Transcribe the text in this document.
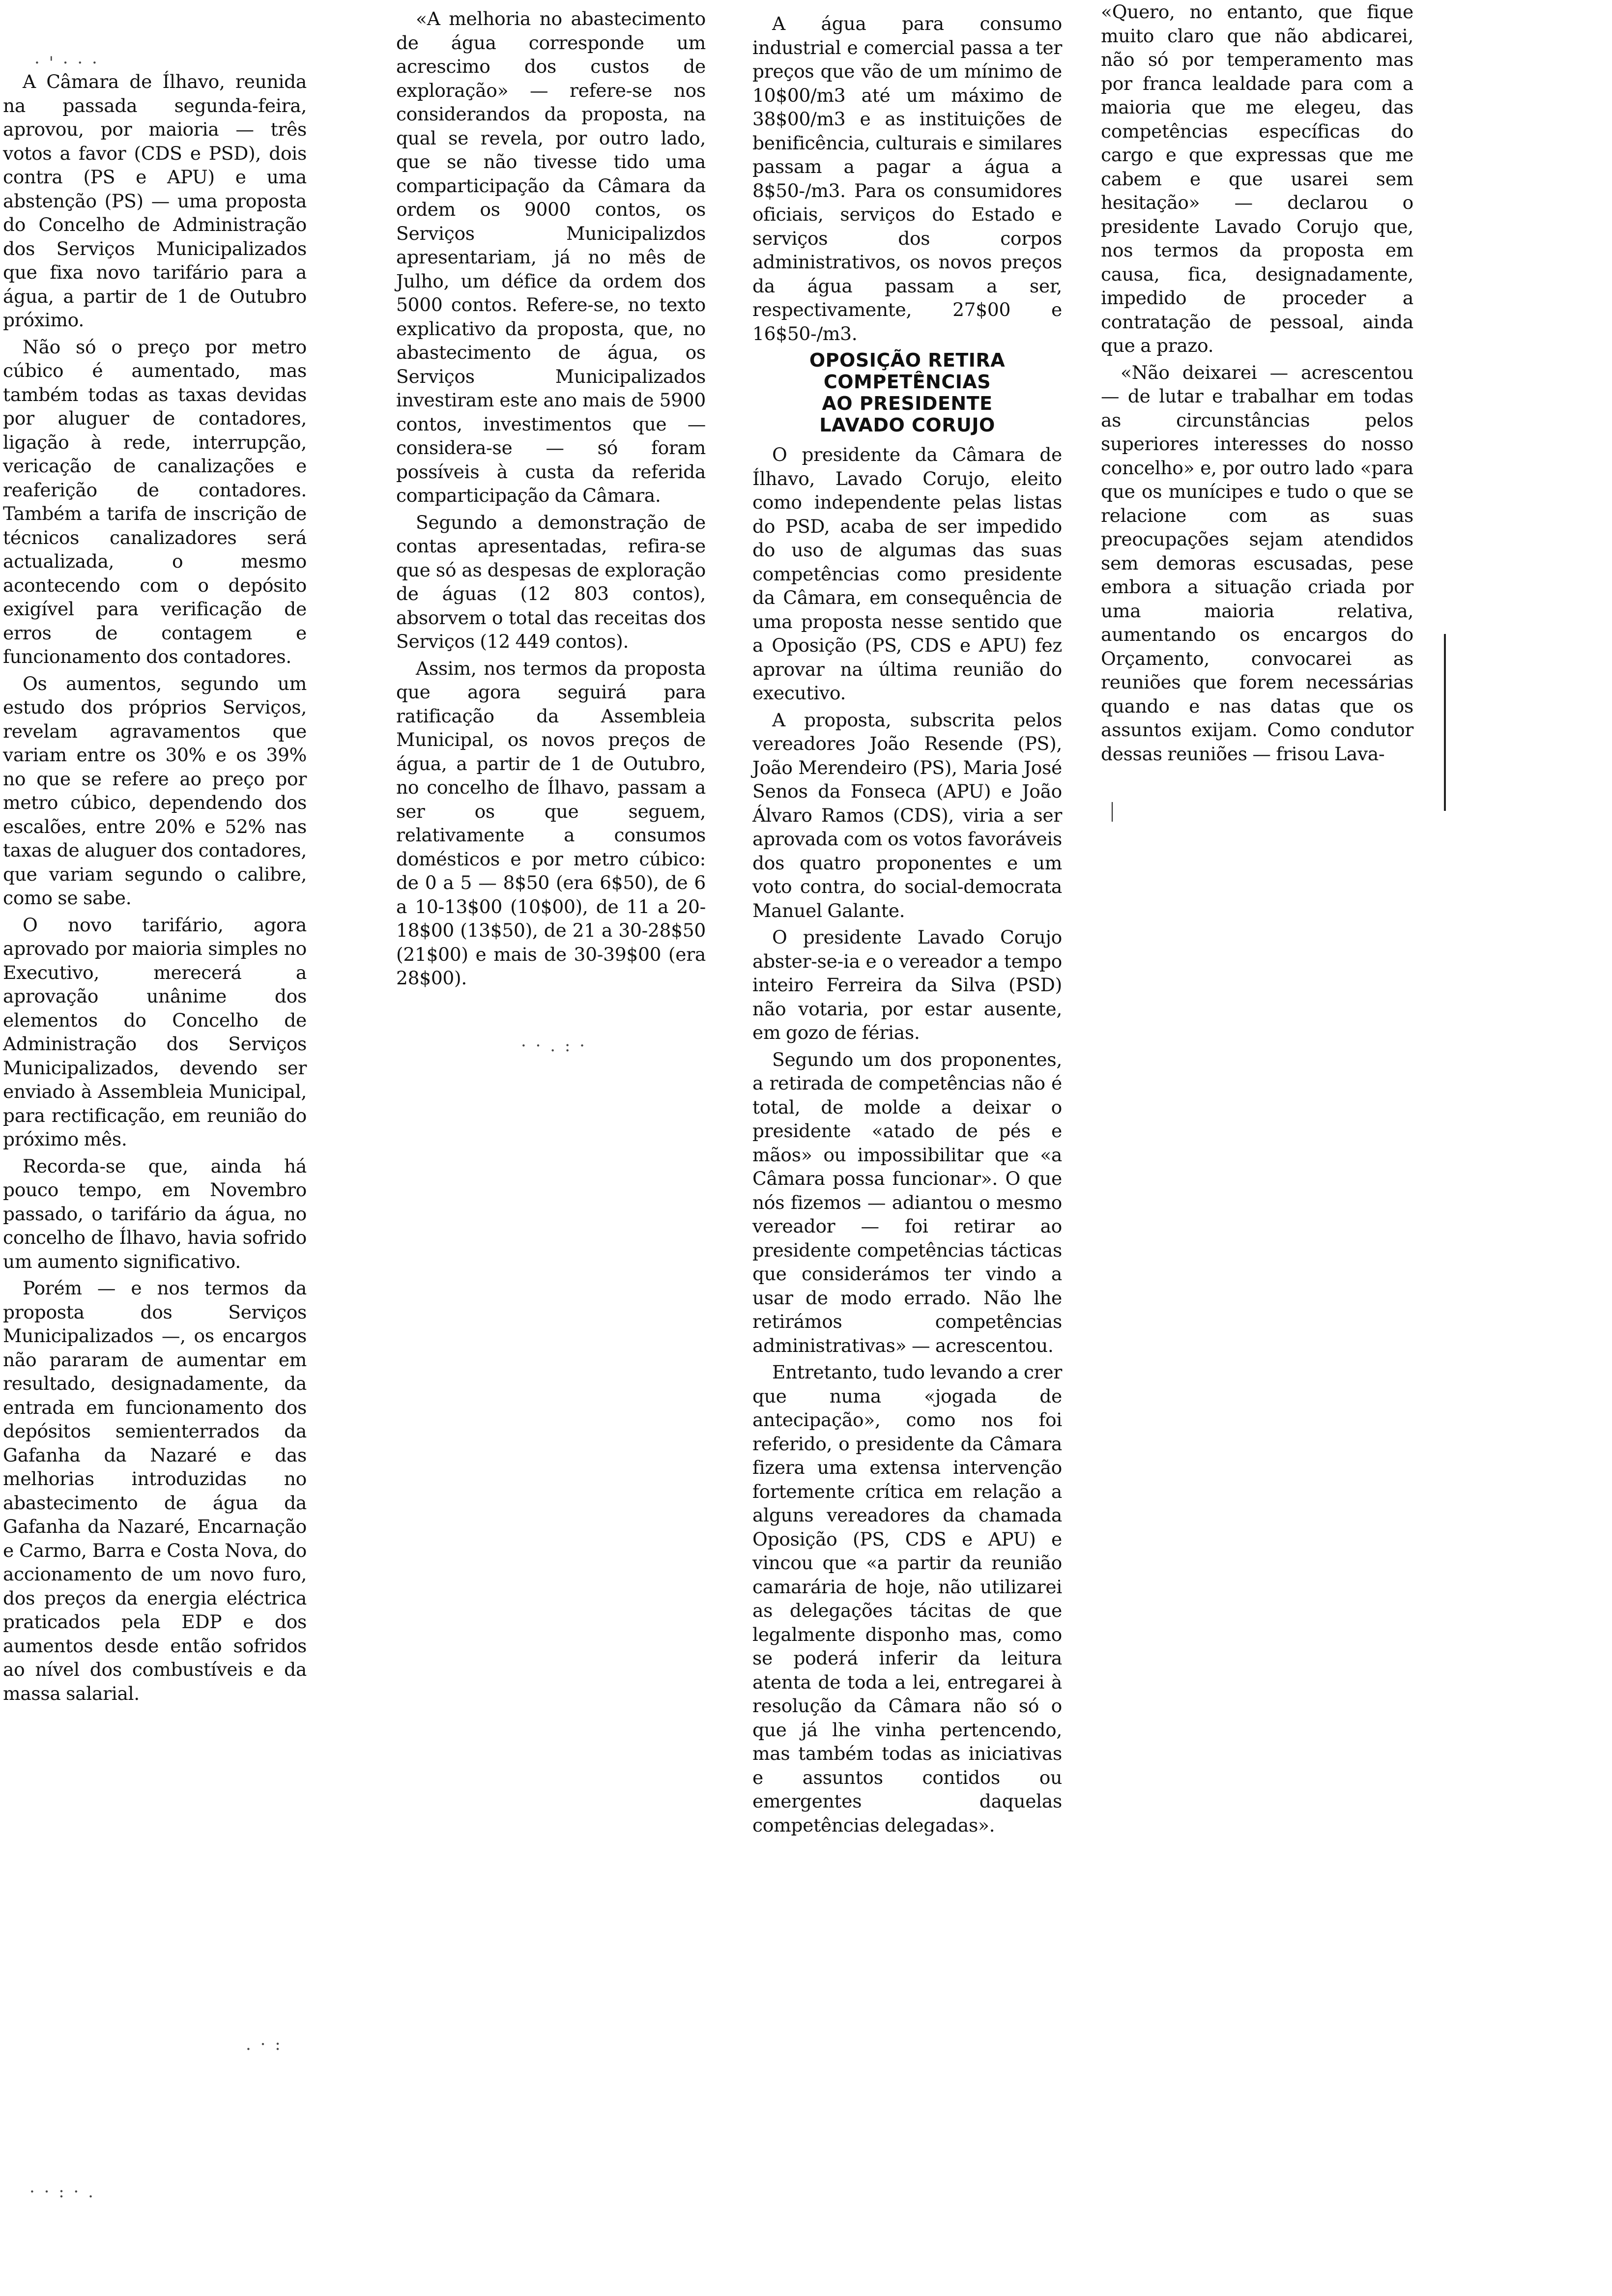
A Câmara de Ílhavo, reunida na passada segunda-feira, aprovou, por maioria — três votos a favor (CDS e PSD), dois contra (PS e APU) e uma abstenção (PS) — uma proposta do Concelho de Administração dos Serviços Municipalizados que fixa novo tarifário para a água, a partir de 1 de Outubro próximo.

Não só o preço por metro cúbico é aumentado, mas também todas as taxas devidas por aluguer de contadores, ligação à rede, interrupção, vericação de canalizações e reaferição de contadores. Também a tarifa de inscrição de técnicos canalizadores será actualizada, o mesmo acontecendo com o depósito exigível para verificação de erros de contagem e funcionamento dos contadores.

Os aumentos, segundo um estudo dos próprios Serviços, revelam agravamentos que variam entre os 30% e os 39% no que se refere ao preço por metro cúbico, dependendo dos escalões, entre 20% e 52% nas taxas de aluguer dos contadores, que variam segundo o calibre, como se sabe.

O novo tarifário, agora aprovado por maioria simples no Executivo, merecerá a aprovação unânime dos elementos do Concelho de Administração dos Serviços Municipalizados, devendo ser enviado à Assembleia Municipal, para rectificação, em reunião do próximo mês.

Recorda-se que, ainda há pouco tempo, em Novembro passado, o tarifário da água, no concelho de Ílhavo, havia sofrido um aumento significativo.

Porém — e nos termos da proposta dos Serviços Municipalizados —, os encargos não pararam de aumentar em resultado, designadamente, da entrada em funcionamento dos depósitos semienterrados da Gafanha da Nazaré e das melhorias introduzidas no abastecimento de água da Gafanha da Nazaré, Encarnação e Carmo, Barra e Costa Nova, do accionamento de um novo furo, dos preços da energia eléctrica praticados pela EDP e dos aumentos desde então sofridos ao nível dos combustíveis e da massa salarial.

«A melhoria no abastecimento de água corresponde um acrescimo dos custos de exploração» — refere-se nos considerandos da proposta, na qual se revela, por outro lado, que se não tivesse tido uma comparticipação da Câmara da ordem os 9000 contos, os Serviços Municipalizdos apresentariam, já no mês de Julho, um défice da ordem dos 5000 contos. Refere-se, no texto explicativo da proposta, que, no abastecimento de água, os Serviços Municipalizados investiram este ano mais de 5900 contos, investimentos que — considera-se — só foram possíveis à custa da referida comparticipação da Câmara.

Segundo a demonstração de contas apresentadas, refira-se que só as despesas de exploração de águas (12 803 contos), absorvem o total das receitas dos Serviços (12 449 contos).

Assim, nos termos da proposta que agora seguirá para ratificação da Assembleia Municipal, os novos preços de água, a partir de 1 de Outubro, no concelho de Ílhavo, passam a ser os que seguem, relativamente a consumos domésticos e por metro cúbico: de 0 a 5 — 8$50 (era 6$50), de 6 a 10-13$00 (10$00), de 11 a 20-18$00 (13$50), de 21 a 30-28$50 (21$00) e mais de 30-39$00 (era 28$00).

A água para consumo industrial e comercial passa a ter preços que vão de um mínimo de 10$00/m3 até um máximo de 38$00/m3 e as instituições de benificência, culturais e similares passam a pagar a água a 8$50-/m3. Para os consumidores oficiais, serviços do Estado e serviços dos corpos administrativos, os novos preços da água passam a ser, respectivamente, 27$00 e 16$50-/m3.

OPOSIÇÃO RETIRA
COMPETÊNCIAS
AO PRESIDENTE
LAVADO CORUJO

O presidente da Câmara de Ílhavo, Lavado Corujo, eleito como independente pelas listas do PSD, acaba de ser impedido do uso de algumas das suas competências como presidente da Câmara, em consequência de uma proposta nesse sentido que a Oposição (PS, CDS e APU) fez aprovar na última reunião do executivo.

A proposta, subscrita pelos vereadores João Resende (PS), João Merendeiro (PS), Maria José Senos da Fonseca (APU) e João Álvaro Ramos (CDS), viria a ser aprovada com os votos favoráveis dos quatro proponentes e um voto contra, do social-democrata Manuel Galante.

O presidente Lavado Corujo abster-se-ia e o vereador a tempo inteiro Ferreira da Silva (PSD) não votaria, por estar ausente, em gozo de férias.

Segundo um dos proponentes, a retirada de competências não é total, de molde a deixar o presidente «atado de pés e mãos» ou impossibilitar que «a Câmara possa funcionar». O que nós fizemos — adiantou o mesmo vereador — foi retirar ao presidente competências tácticas que considerámos ter vindo a usar de modo errado. Não lhe retirámos competências administrativas» — acrescentou.

Entretanto, tudo levando a crer que numa «jogada de antecipação», como nos foi referido, o presidente da Câmara fizera uma extensa intervenção fortemente crítica em relação a alguns vereadores da chamada Oposição (PS, CDS e APU) e vincou que «a partir da reunião camarária de hoje, não utilizarei as delegações tácitas de que legalmente disponho mas, como se poderá inferir da leitura atenta de toda a lei, entregarei à resolução da Câmara não só o que já lhe vinha pertencendo, mas também todas as iniciativas e assuntos contidos ou emergentes daquelas competências delegadas».

«Quero, no entanto, que fique muito claro que não abdicarei, não só por temperamento mas por franca lealdade para com a maioria que me elegeu, das competências específicas do cargo e que expressas que me cabem e que usarei sem hesitação» — declarou o presidente Lavado Corujo que, nos termos da proposta em causa, fica, designadamente, impedido de proceder a contratação de pessoal, ainda que a prazo.

«Não deixarei — acrescentou — de lutar e trabalhar em todas as circunstâncias pelos superiores interesses do nosso concelho» e, por outro lado «para que os munícipes e tudo o que se relacione com as suas preocupações sejam atendidos sem demoras escusadas, pese embora a situação criada por uma maioria relativa, aumentando os encargos do Orçamento, convocarei as reuniões que forem necessárias quando e nas datas que os assuntos exijam. Como condutor dessas reuniões — frisou Lava-

· ' · · ·
· · . : ·
· · : · .
. · :
